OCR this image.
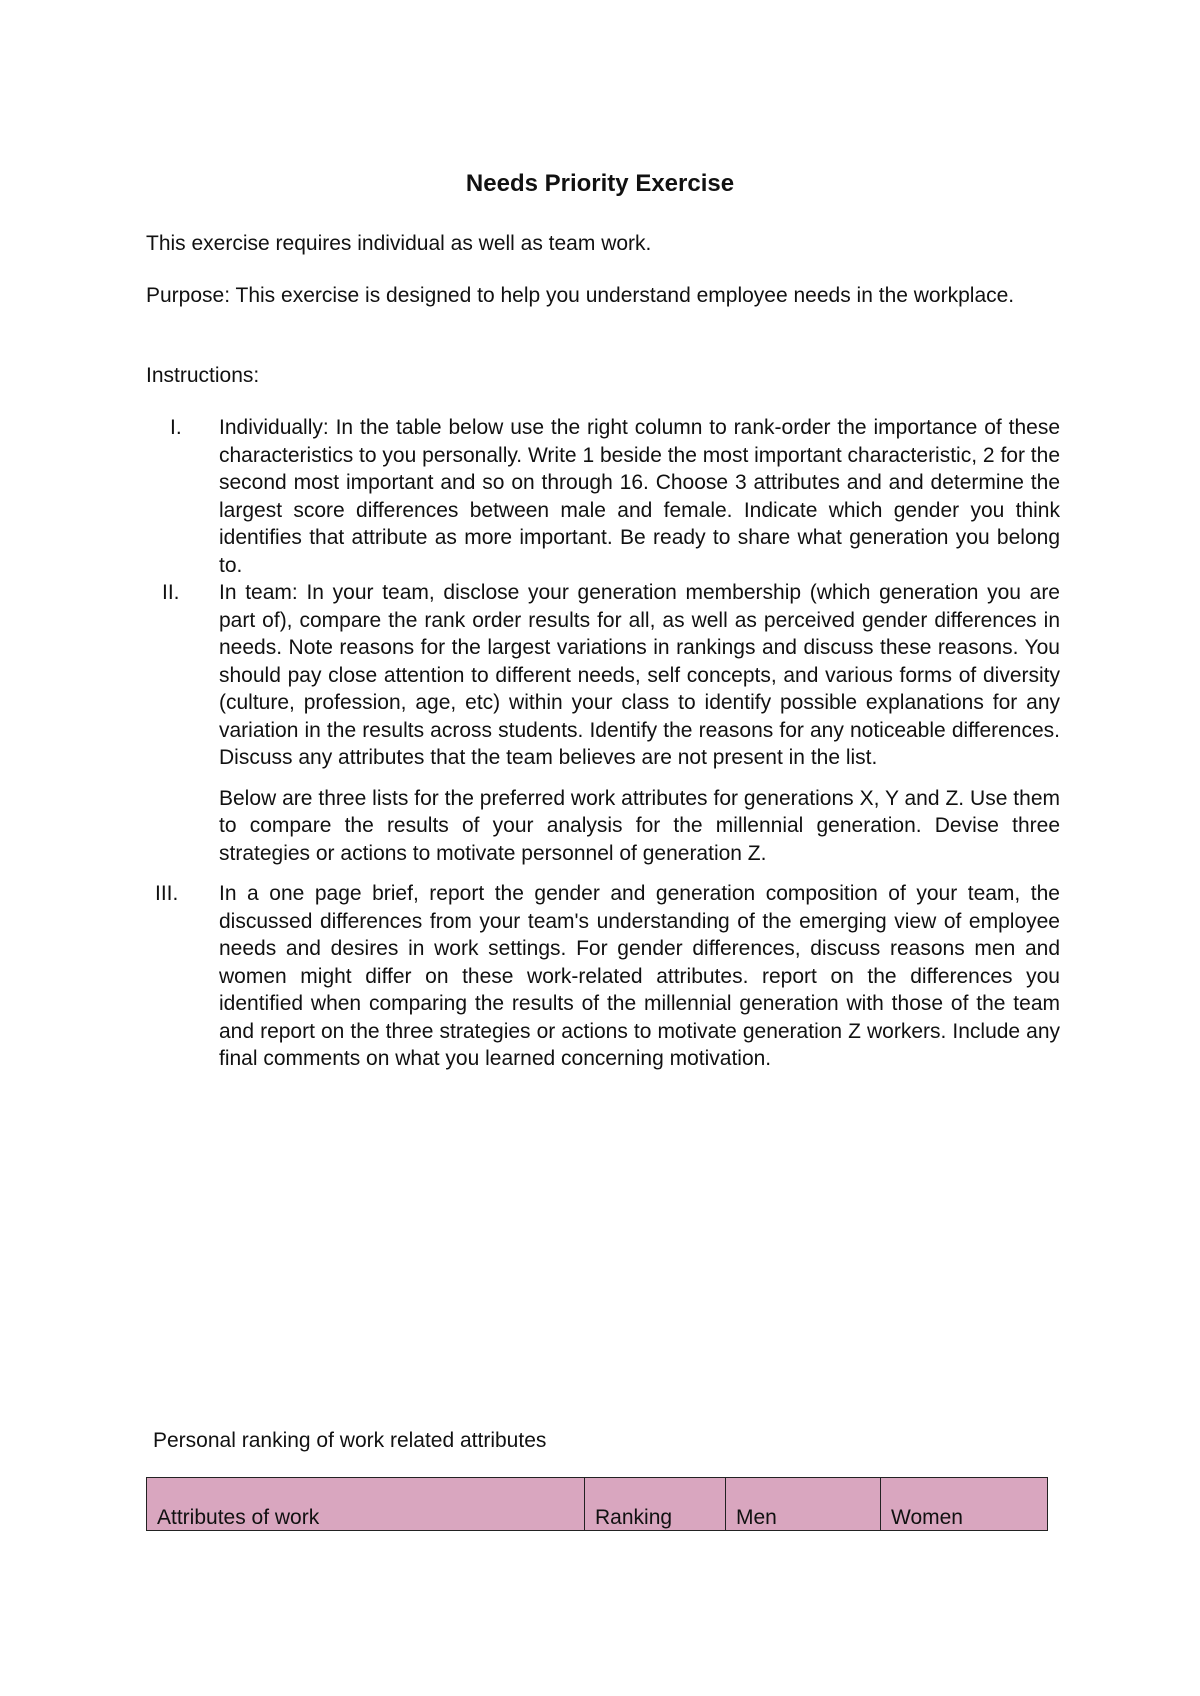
Needs Priority Exercise
This exercise requires individual as well as team work.
Purpose: This exercise is designed to help you understand employee needs in the workplace.
Instructions:
I.	Individually: In the table below use the right column to rank-order the importance of these characteristics to you personally. Write 1 beside the most important characteristic, 2 for the second most important and so on through 16. Choose 3 attributes and and determine the largest score differences between male and female. Indicate which gender you think identifies that attribute as more important. Be ready to share what generation you belong to.
II.	In team: In your team, disclose your generation membership (which generation you are part of), compare the rank order results for all, as well as perceived gender differences in needs. Note reasons for the largest variations in rankings and discuss these reasons. You should pay close attention to different needs, self concepts, and various forms of diversity (culture, profession, age, etc) within your class to identify possible explanations for any variation in the results across students. Identify the reasons for any noticeable differences. Discuss any attributes that the team believes are not present in the list.
Below are three lists for the preferred work attributes for generations X, Y and Z. Use them to compare the results of your analysis for the millennial generation. Devise three strategies or actions to motivate personnel of generation Z.
III.	In a one page brief, report the gender and generation composition of your team, the discussed differences from your team's understanding of the emerging view of employee needs and desires in work settings. For gender differences, discuss reasons men and women might differ on these work-related attributes. report on the differences you identified when comparing the results of the millennial generation with those of the team and report on the three strategies or actions to motivate generation Z workers. Include any final comments on what you learned concerning motivation.
Personal ranking of work related attributes
Attributes of work	Ranking	Men	Women
